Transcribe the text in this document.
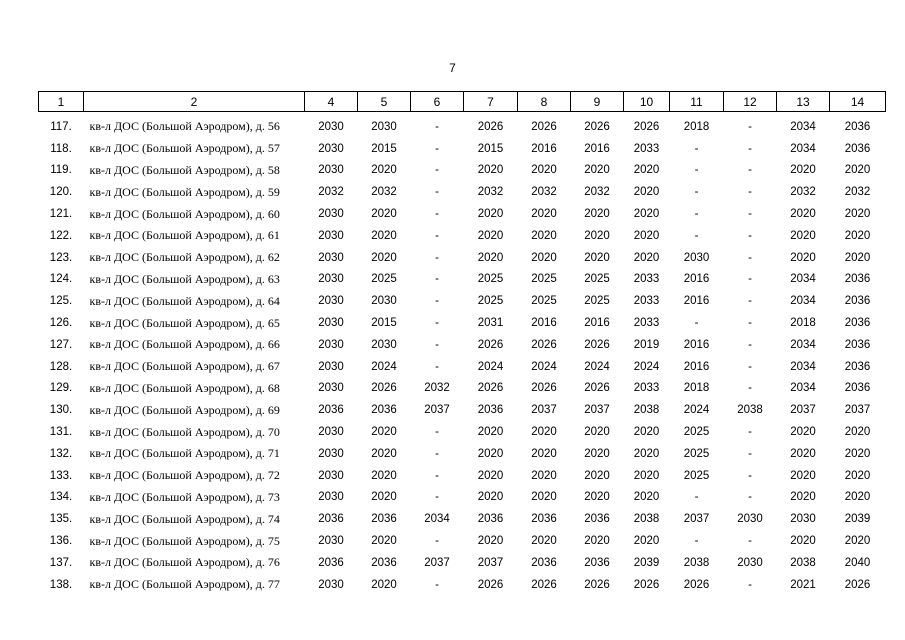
7
1	2	4	5	6	7	8	9	10	11	12	13	14
117.	кв-л ДОС (Большой Аэродром), д. 56	2030	2030	-	2026	2026	2026	2026	2018	-	2034	2036
118.	кв-л ДОС (Большой Аэродром), д. 57	2030	2015	-	2015	2016	2016	2033	-	-	2034	2036
119.	кв-л ДОС (Большой Аэродром), д. 58	2030	2020	-	2020	2020	2020	2020	-	-	2020	2020
120.	кв-л ДОС (Большой Аэродром), д. 59	2032	2032	-	2032	2032	2032	2020	-	-	2032	2032
121.	кв-л ДОС (Большой Аэродром), д. 60	2030	2020	-	2020	2020	2020	2020	-	-	2020	2020
122.	кв-л ДОС (Большой Аэродром), д. 61	2030	2020	-	2020	2020	2020	2020	-	-	2020	2020
123.	кв-л ДОС (Большой Аэродром), д. 62	2030	2020	-	2020	2020	2020	2020	2030	-	2020	2020
124.	кв-л ДОС (Большой Аэродром), д. 63	2030	2025	-	2025	2025	2025	2033	2016	-	2034	2036
125.	кв-л ДОС (Большой Аэродром), д. 64	2030	2030	-	2025	2025	2025	2033	2016	-	2034	2036
126.	кв-л ДОС (Большой Аэродром), д. 65	2030	2015	-	2031	2016	2016	2033	-	-	2018	2036
127.	кв-л ДОС (Большой Аэродром), д. 66	2030	2030	-	2026	2026	2026	2019	2016	-	2034	2036
128.	кв-л ДОС (Большой Аэродром), д. 67	2030	2024	-	2024	2024	2024	2024	2016	-	2034	2036
129.	кв-л ДОС (Большой Аэродром), д. 68	2030	2026	2032	2026	2026	2026	2033	2018	-	2034	2036
130.	кв-л ДОС (Большой Аэродром), д. 69	2036	2036	2037	2036	2037	2037	2038	2024	2038	2037	2037
131.	кв-л ДОС (Большой Аэродром), д. 70	2030	2020	-	2020	2020	2020	2020	2025	-	2020	2020
132.	кв-л ДОС (Большой Аэродром), д. 71	2030	2020	-	2020	2020	2020	2020	2025	-	2020	2020
133.	кв-л ДОС (Большой Аэродром), д. 72	2030	2020	-	2020	2020	2020	2020	2025	-	2020	2020
134.	кв-л ДОС (Большой Аэродром), д. 73	2030	2020	-	2020	2020	2020	2020	-	-	2020	2020
135.	кв-л ДОС (Большой Аэродром), д. 74	2036	2036	2034	2036	2036	2036	2038	2037	2030	2030	2039
136.	кв-л ДОС (Большой Аэродром), д. 75	2030	2020	-	2020	2020	2020	2020	-	-	2020	2020
137.	кв-л ДОС (Большой Аэродром), д. 76	2036	2036	2037	2037	2036	2036	2039	2038	2030	2038	2040
138.	кв-л ДОС (Большой Аэродром), д. 77	2030	2020	-	2026	2026	2026	2026	2026	-	2021	2026
